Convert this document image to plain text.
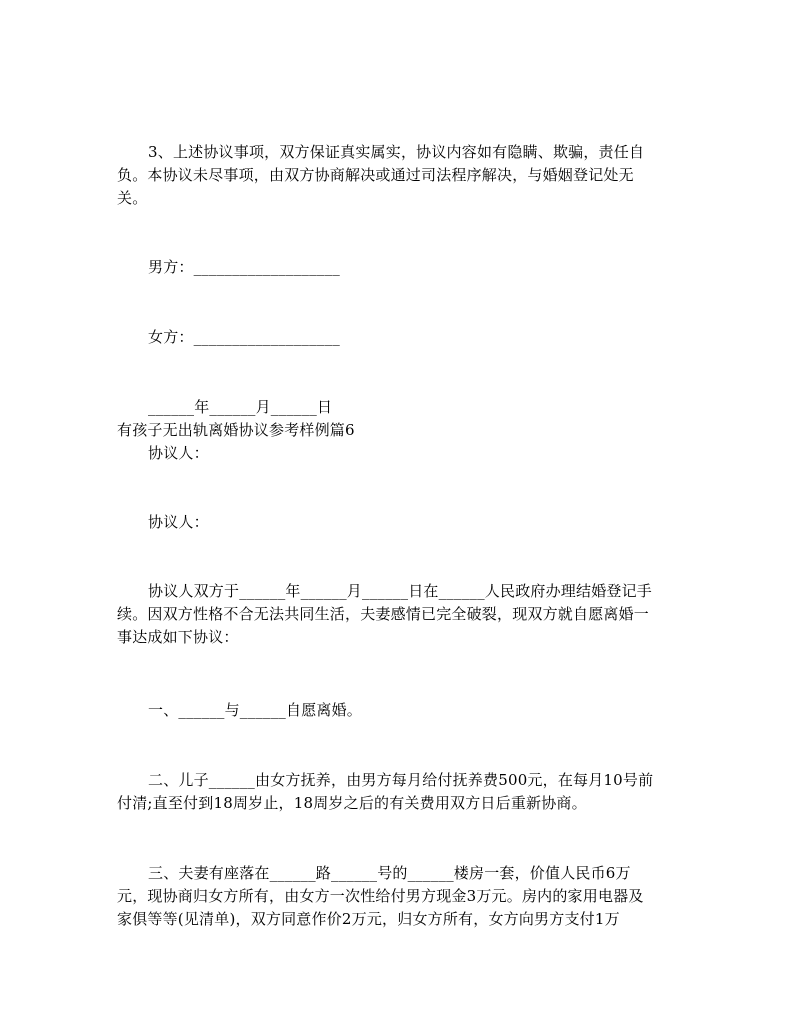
3、上述协议事项，双方保证真实属实，协议内容如有隐瞒、欺骗，责任自
负。本协议未尽事项，由双方协商解决或通过司法程序解决，与婚姻登记处无
关。
男方：___________________
女方：___________________
______年______月______日
有孩子无出轨离婚协议参考样例篇6
协议人：
协议人：
协议人双方于______年______月______日在______人民政府办理结婚登记手
续。因双方性格不合无法共同生活，夫妻感情已完全破裂，现双方就自愿离婚一
事达成如下协议：
一、______与______自愿离婚。
二、儿子______由女方抚养，由男方每月给付抚养费500元，在每月10号前
付清;直至付到18周岁止，18周岁之后的有关费用双方日后重新协商。
三、夫妻有座落在______路______号的______楼房一套，价值人民币6万
元，现协商归女方所有，由女方一次性给付男方现金3万元。房内的家用电器及
家俱等等(见清单)，双方同意作价2万元，归女方所有，女方向男方支付1万
